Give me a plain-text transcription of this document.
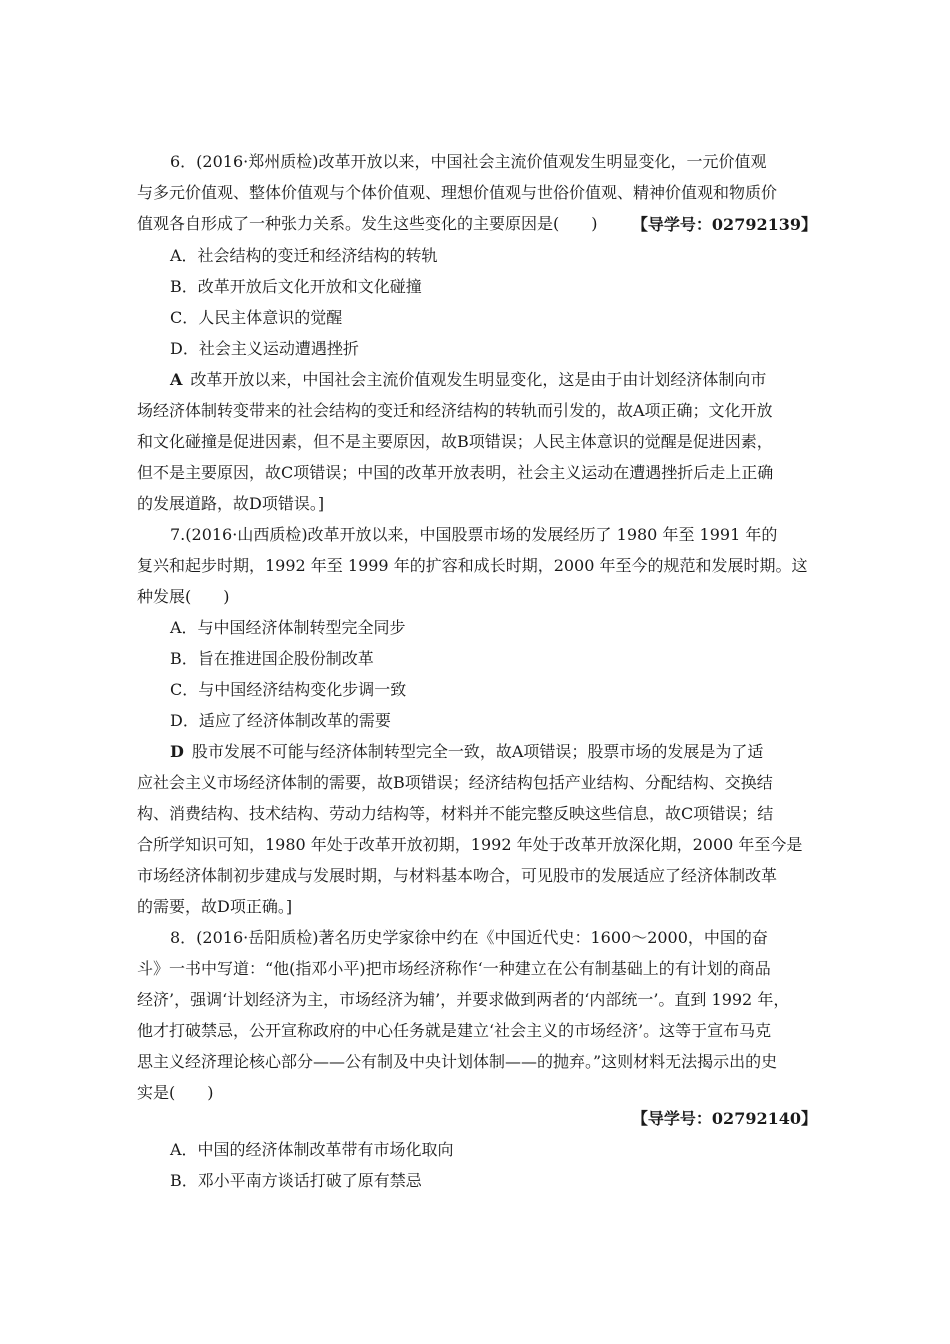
6．(2016·郑州质检)改革开放以来，中国社会主流价值观发生明显变化，一元价值观
与多元价值观、整体价值观与个体价值观、理想价值观与世俗价值观、精神价值观和物质价
值观各自形成了一种张力关系。发生这些变化的主要原因是(　　)	【导学号：02792139】
A．社会结构的变迁和经济结构的转轨
B．改革开放后文化开放和文化碰撞
C．人民主体意识的觉醒
D．社会主义运动遭遇挫折
A 改革开放以来，中国社会主流价值观发生明显变化，这是由于由计划经济体制向市
场经济体制转变带来的社会结构的变迁和经济结构的转轨而引发的，故A项正确；文化开放
和文化碰撞是促进因素，但不是主要原因，故B项错误；人民主体意识的觉醒是促进因素，
但不是主要原因，故C项错误；中国的改革开放表明，社会主义运动在遭遇挫折后走上正确
的发展道路，故D项错误。]
7.(2016·山西质检)改革开放以来，中国股票市场的发展经历了 1980 年至 1991 年的
复兴和起步时期，1992 年至 1999 年的扩容和成长时期，2000 年至今的规范和发展时期。这
种发展(　　)
A．与中国经济体制转型完全同步
B．旨在推进国企股份制改革
C．与中国经济结构变化步调一致
D．适应了经济体制改革的需要
D 股市发展不可能与经济体制转型完全一致，故A项错误；股票市场的发展是为了适
应社会主义市场经济体制的需要，故B项错误；经济结构包括产业结构、分配结构、交换结
构、消费结构、技术结构、劳动力结构等，材料并不能完整反映这些信息，故C项错误；结
合所学知识可知，1980 年处于改革开放初期，1992 年处于改革开放深化期，2000 年至今是
市场经济体制初步建成与发展时期，与材料基本吻合，可见股市的发展适应了经济体制改革
的需要，故D项正确。]
8．(2016·岳阳质检)著名历史学家徐中约在《中国近代史：1600～2000，中国的奋
斗》一书中写道：“他(指邓小平)把市场经济称作‘一种建立在公有制基础上的有计划的商品
经济’，强调‘计划经济为主，市场经济为辅’，并要求做到两者的‘内部统一’。直到 1992 年，
他才打破禁忌，公开宣称政府的中心任务就是建立‘社会主义的市场经济’。这等于宣布马克
思主义经济理论核心部分——公有制及中央计划体制——的抛弃。”这则材料无法揭示出的史
实是(　　)
【导学号：02792140】
A．中国的经济体制改革带有市场化取向
B．邓小平南方谈话打破了原有禁忌
